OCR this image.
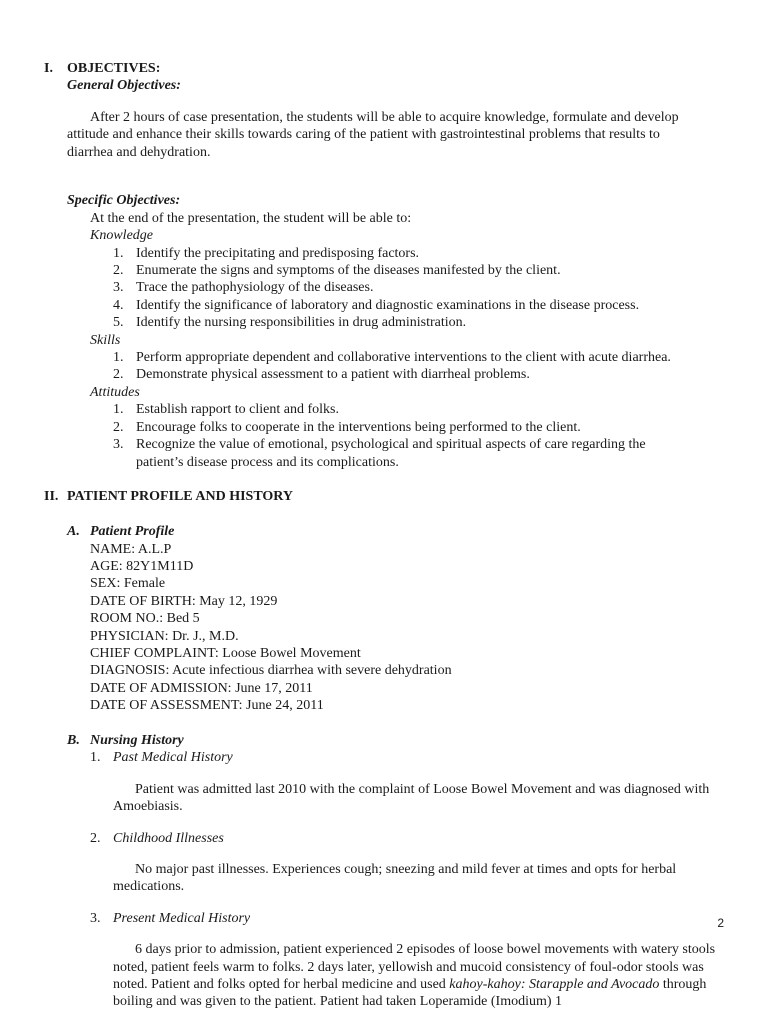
I. OBJECTIVES:

General Objectives:

After 2 hours of case presentation, the students will be able to acquire knowledge, formulate and develop attitude and enhance their skills towards caring of the patient with gastrointestinal problems that results to diarrhea and dehydration.

Specific Objectives:

At the end of the presentation, the student will be able to:

Knowledge

1. Identify the precipitating and predisposing factors.

2. Enumerate the signs and symptoms of the diseases manifested by the client.

3. Trace the pathophysiology of the diseases.

4. Identify the significance of laboratory and diagnostic examinations in the disease process.

5. Identify the nursing responsibilities in drug administration.

Skills

1. Perform appropriate dependent and collaborative interventions to the client with acute diarrhea.

2. Demonstrate physical assessment to a patient with diarrheal problems.

Attitudes

1. Establish rapport to client and folks.

2. Encourage folks to cooperate in the interventions being performed to the client.

3. Recognize the value of emotional, psychological and spiritual aspects of care regarding the

patient’s disease process and its complications.

II. PATIENT PROFILE AND HISTORY

A. Patient Profile

NAME: A.L.P

AGE: 82Y1M11D

SEX: Female

DATE OF BIRTH: May 12, 1929

ROOM NO.: Bed 5

PHYSICIAN: Dr. J., M.D.

CHIEF COMPLAINT: Loose Bowel Movement

DIAGNOSIS: Acute infectious diarrhea with severe dehydration

DATE OF ADMISSION: June 17, 2011

DATE OF ASSESSMENT: June 24, 2011

B. Nursing History

1. Past Medical History

Patient was admitted last 2010 with the complaint of Loose Bowel Movement and was diagnosed with Amoebiasis.

2. Childhood Illnesses

No major past illnesses. Experiences cough; sneezing and mild fever at times and opts for herbal medications.

3. Present Medical History

6 days prior to admission, patient experienced 2 episodes of loose bowel movements with watery stools noted, patient feels warm to folks. 2 days later, yellowish and mucoid consistency of foul-odor stools was noted. Patient and folks opted for herbal medicine and used kahoy-kahoy: Starapple and Avocado through boiling and was given to the patient. Patient had taken Loperamide (Imodium) 1

2
